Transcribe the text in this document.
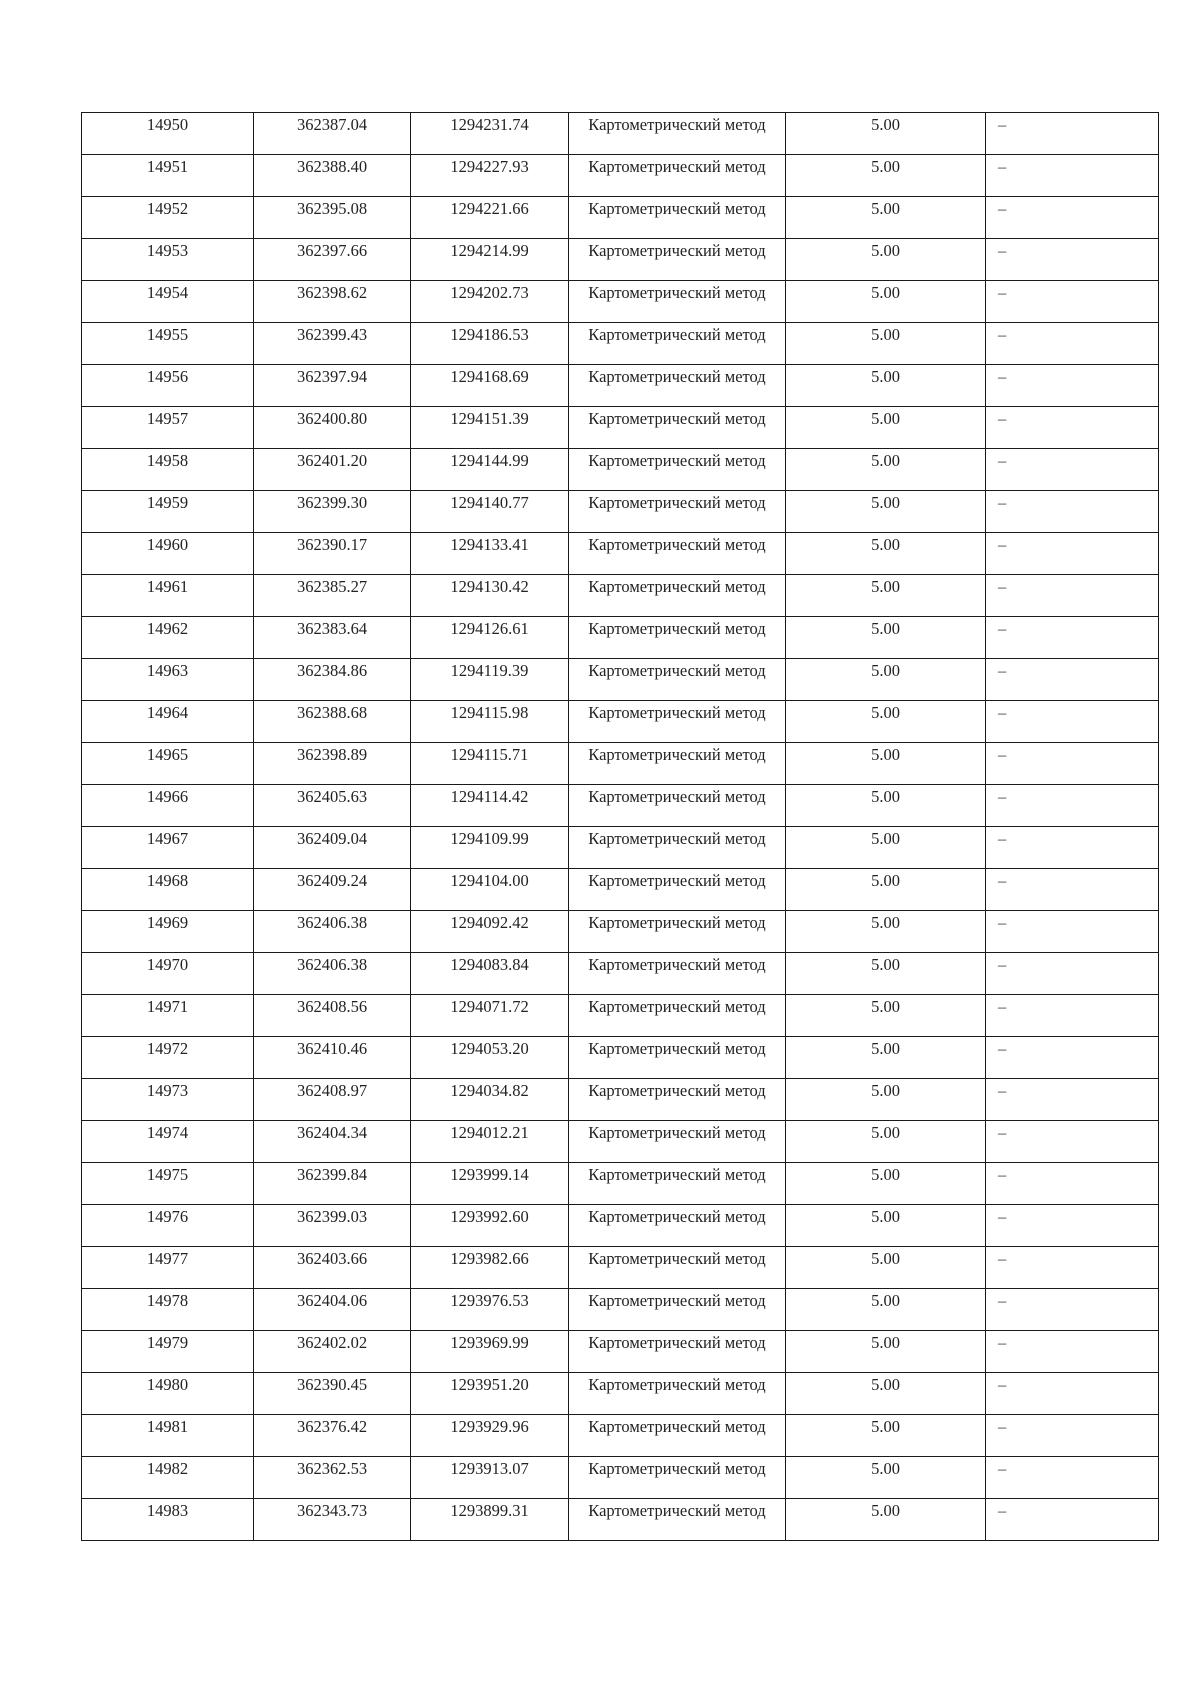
14950	362387.04	1294231.74	Картометрический метод	5.00	–

14951	362388.40	1294227.93	Картометрический метод	5.00	–

14952	362395.08	1294221.66	Картометрический метод	5.00	–

14953	362397.66	1294214.99	Картометрический метод	5.00	–

14954	362398.62	1294202.73	Картометрический метод	5.00	–

14955	362399.43	1294186.53	Картометрический метод	5.00	–

14956	362397.94	1294168.69	Картометрический метод	5.00	–

14957	362400.80	1294151.39	Картометрический метод	5.00	–

14958	362401.20	1294144.99	Картометрический метод	5.00	–

14959	362399.30	1294140.77	Картометрический метод	5.00	–

14960	362390.17	1294133.41	Картометрический метод	5.00	–

14961	362385.27	1294130.42	Картометрический метод	5.00	–

14962	362383.64	1294126.61	Картометрический метод	5.00	–

14963	362384.86	1294119.39	Картометрический метод	5.00	–

14964	362388.68	1294115.98	Картометрический метод	5.00	–

14965	362398.89	1294115.71	Картометрический метод	5.00	–

14966	362405.63	1294114.42	Картометрический метод	5.00	–

14967	362409.04	1294109.99	Картометрический метод	5.00	–

14968	362409.24	1294104.00	Картометрический метод	5.00	–

14969	362406.38	1294092.42	Картометрический метод	5.00	–

14970	362406.38	1294083.84	Картометрический метод	5.00	–

14971	362408.56	1294071.72	Картометрический метод	5.00	–

14972	362410.46	1294053.20	Картометрический метод	5.00	–

14973	362408.97	1294034.82	Картометрический метод	5.00	–

14974	362404.34	1294012.21	Картометрический метод	5.00	–

14975	362399.84	1293999.14	Картометрический метод	5.00	–

14976	362399.03	1293992.60	Картометрический метод	5.00	–

14977	362403.66	1293982.66	Картометрический метод	5.00	–

14978	362404.06	1293976.53	Картометрический метод	5.00	–

14979	362402.02	1293969.99	Картометрический метод	5.00	–

14980	362390.45	1293951.20	Картометрический метод	5.00	–

14981	362376.42	1293929.96	Картометрический метод	5.00	–

14982	362362.53	1293913.07	Картометрический метод	5.00	–

14983	362343.73	1293899.31	Картометрический метод	5.00	–
